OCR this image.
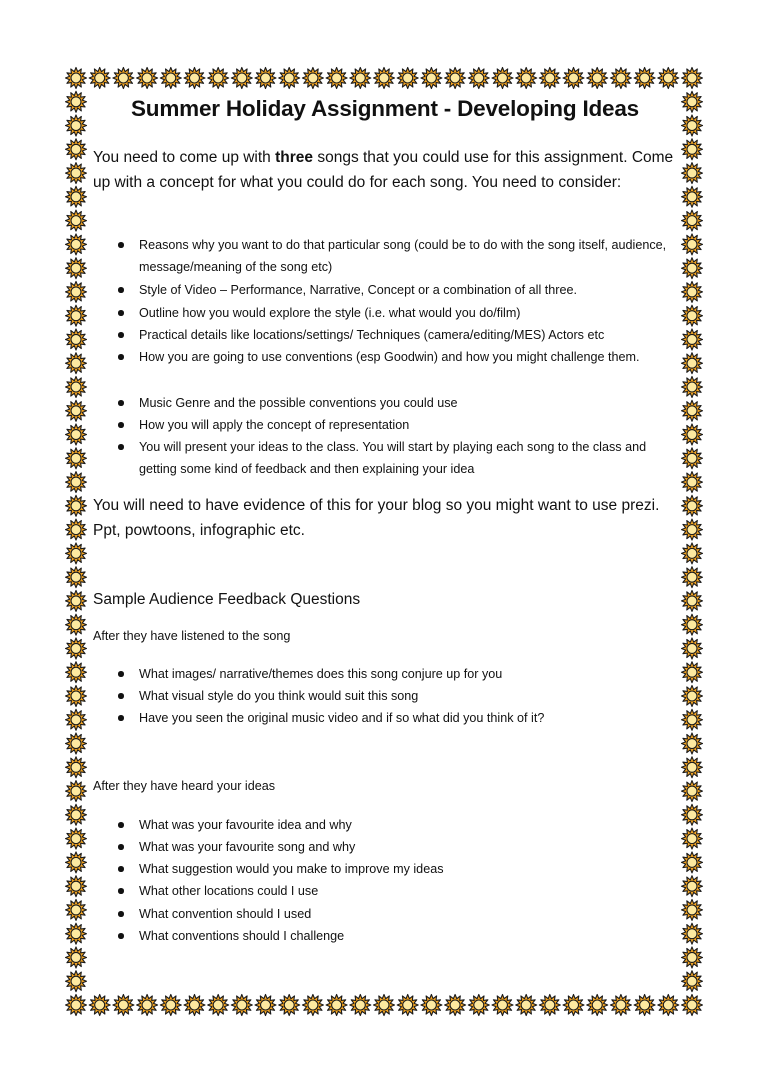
Summer Holiday Assignment - Developing Ideas

You need to come up with three songs that you could use for this assignment. Come up with a concept for what you could do for each song. You need to consider:

Reasons why you want to do that particular song (could be to do with the song itself, audience, message/meaning of the song etc)
Style of Video – Performance, Narrative, Concept or a combination of all three.
Outline how you would explore the style (i.e. what would you do/film)
Practical details like locations/settings/ Techniques (camera/editing/MES) Actors etc
How you are going to use conventions (esp Goodwin) and how you might challenge them.
Music Genre and the possible conventions you could use
How you will apply the concept of representation
You will present your ideas to the class. You will start by playing each song to the class and getting some kind of feedback and then explaining your idea

You will need to have evidence of this for your blog so you might want to use prezi. Ppt, powtoons, infographic etc.

Sample Audience Feedback Questions

After they have listened to the song

What images/ narrative/themes does this song conjure up for you
What visual style do you think would suit this song
Have you seen the original music video and if so what did you think of it?

After they have heard your ideas

What was your favourite idea and why
What was your favourite song and why
What suggestion would you make to improve my ideas
What other locations could I use
What convention should I used
What conventions should I challenge
